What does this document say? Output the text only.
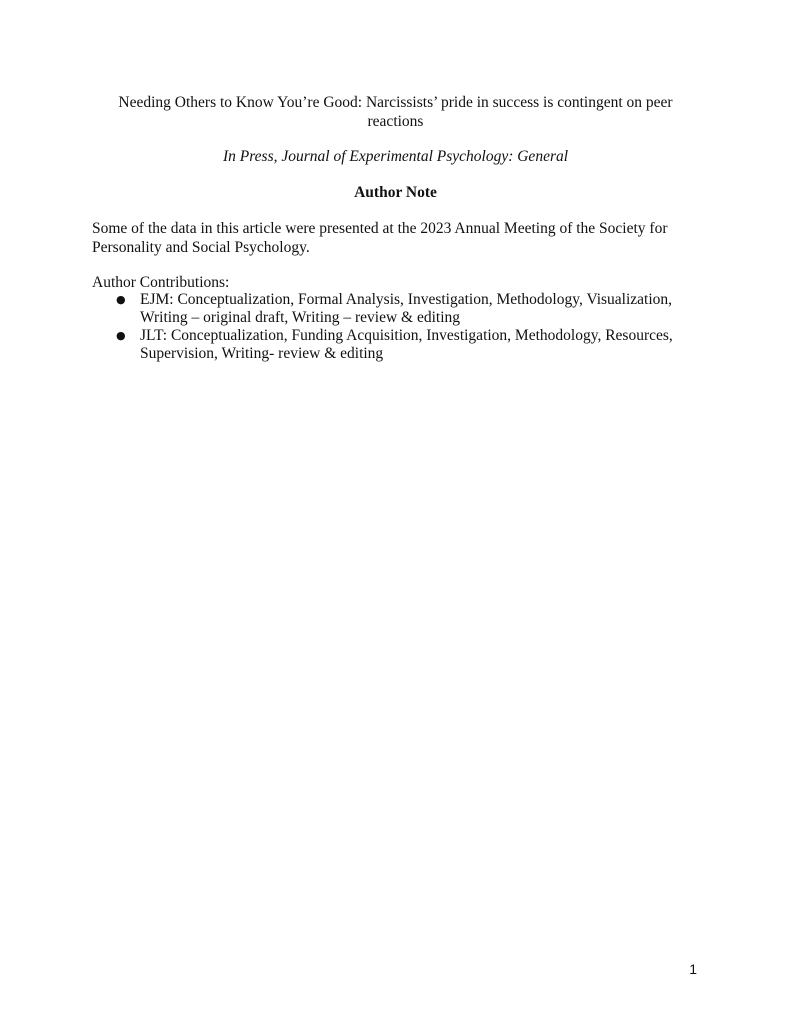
Needing Others to Know You’re Good: Narcissists’ pride in success is contingent on peer reactions
In Press, Journal of Experimental Psychology: General
Author Note
Some of the data in this article were presented at the 2023 Annual Meeting of the Society for Personality and Social Psychology.
Author Contributions:
● EJM: Conceptualization, Formal Analysis, Investigation, Methodology, Visualization, Writing – original draft, Writing – review & editing
● JLT: Conceptualization, Funding Acquisition, Investigation, Methodology, Resources, Supervision, Writing- review & editing
1
